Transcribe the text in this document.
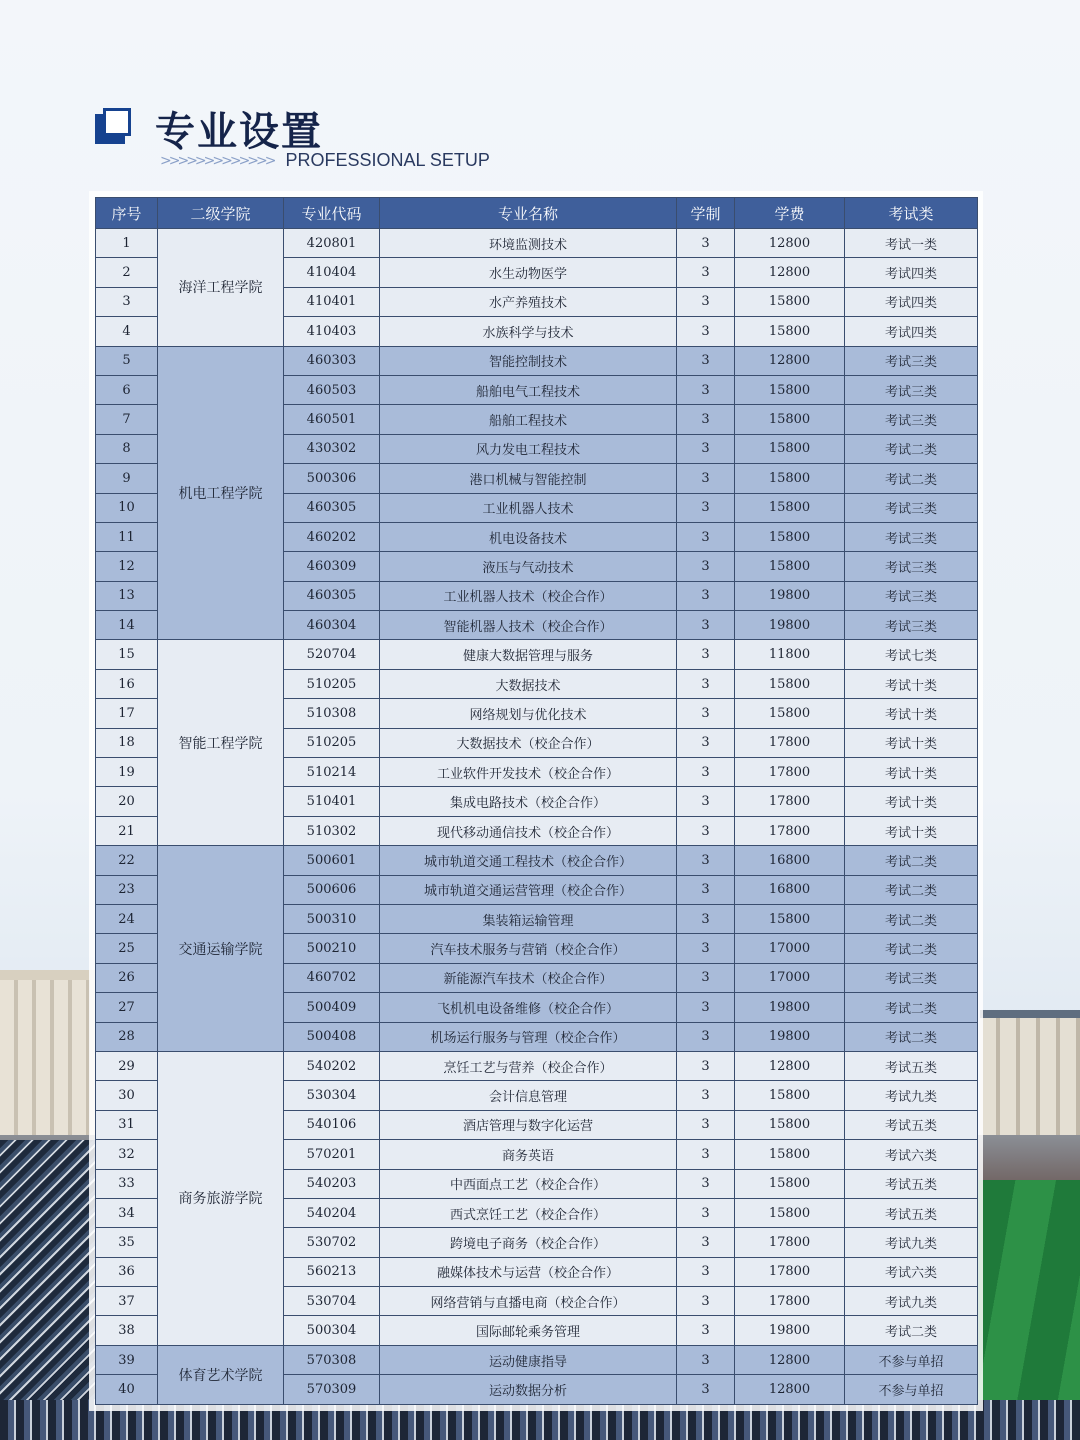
专业设置
>>>>>>>>>>>>> PROFESSIONAL SETUP
序号	二级学院	专业代码	专业名称	学制	学费	考试类
1	海洋工程学院	420801	环境监测技术	3	12800	考试一类
2		410404	水生动物医学	3	12800	考试四类
3		410401	水产养殖技术	3	15800	考试四类
4		410403	水族科学与技术	3	15800	考试四类
5	机电工程学院	460303	智能控制技术	3	12800	考试三类
6		460503	船舶电气工程技术	3	15800	考试三类
7		460501	船舶工程技术	3	15800	考试三类
8		430302	风力发电工程技术	3	15800	考试二类
9		500306	港口机械与智能控制	3	15800	考试二类
10		460305	工业机器人技术	3	15800	考试三类
11		460202	机电设备技术	3	15800	考试三类
12		460309	液压与气动技术	3	15800	考试三类
13		460305	工业机器人技术（校企合作）	3	19800	考试三类
14		460304	智能机器人技术（校企合作）	3	19800	考试三类
15	智能工程学院	520704	健康大数据管理与服务	3	11800	考试七类
16		510205	大数据技术	3	15800	考试十类
17		510308	网络规划与优化技术	3	15800	考试十类
18		510205	大数据技术（校企合作）	3	17800	考试十类
19		510214	工业软件开发技术（校企合作）	3	17800	考试十类
20		510401	集成电路技术（校企合作）	3	17800	考试十类
21		510302	现代移动通信技术（校企合作）	3	17800	考试十类
22	交通运输学院	500601	城市轨道交通工程技术（校企合作）	3	16800	考试二类
23		500606	城市轨道交通运营管理（校企合作）	3	16800	考试二类
24		500310	集装箱运输管理	3	15800	考试二类
25		500210	汽车技术服务与营销（校企合作）	3	17000	考试二类
26		460702	新能源汽车技术（校企合作）	3	17000	考试三类
27		500409	飞机机电设备维修（校企合作）	3	19800	考试二类
28		500408	机场运行服务与管理（校企合作）	3	19800	考试二类
29	商务旅游学院	540202	烹饪工艺与营养（校企合作）	3	12800	考试五类
30		530304	会计信息管理	3	15800	考试九类
31		540106	酒店管理与数字化运营	3	15800	考试五类
32		570201	商务英语	3	15800	考试六类
33		540203	中西面点工艺（校企合作）	3	15800	考试五类
34		540204	西式烹饪工艺（校企合作）	3	15800	考试五类
35		530702	跨境电子商务（校企合作）	3	17800	考试九类
36		560213	融媒体技术与运营（校企合作）	3	17800	考试六类
37		530704	网络营销与直播电商（校企合作）	3	17800	考试九类
38		500304	国际邮轮乘务管理	3	19800	考试二类
39	体育艺术学院	570308	运动健康指导	3	12800	不参与单招
40		570309	运动数据分析	3	12800	不参与单招
